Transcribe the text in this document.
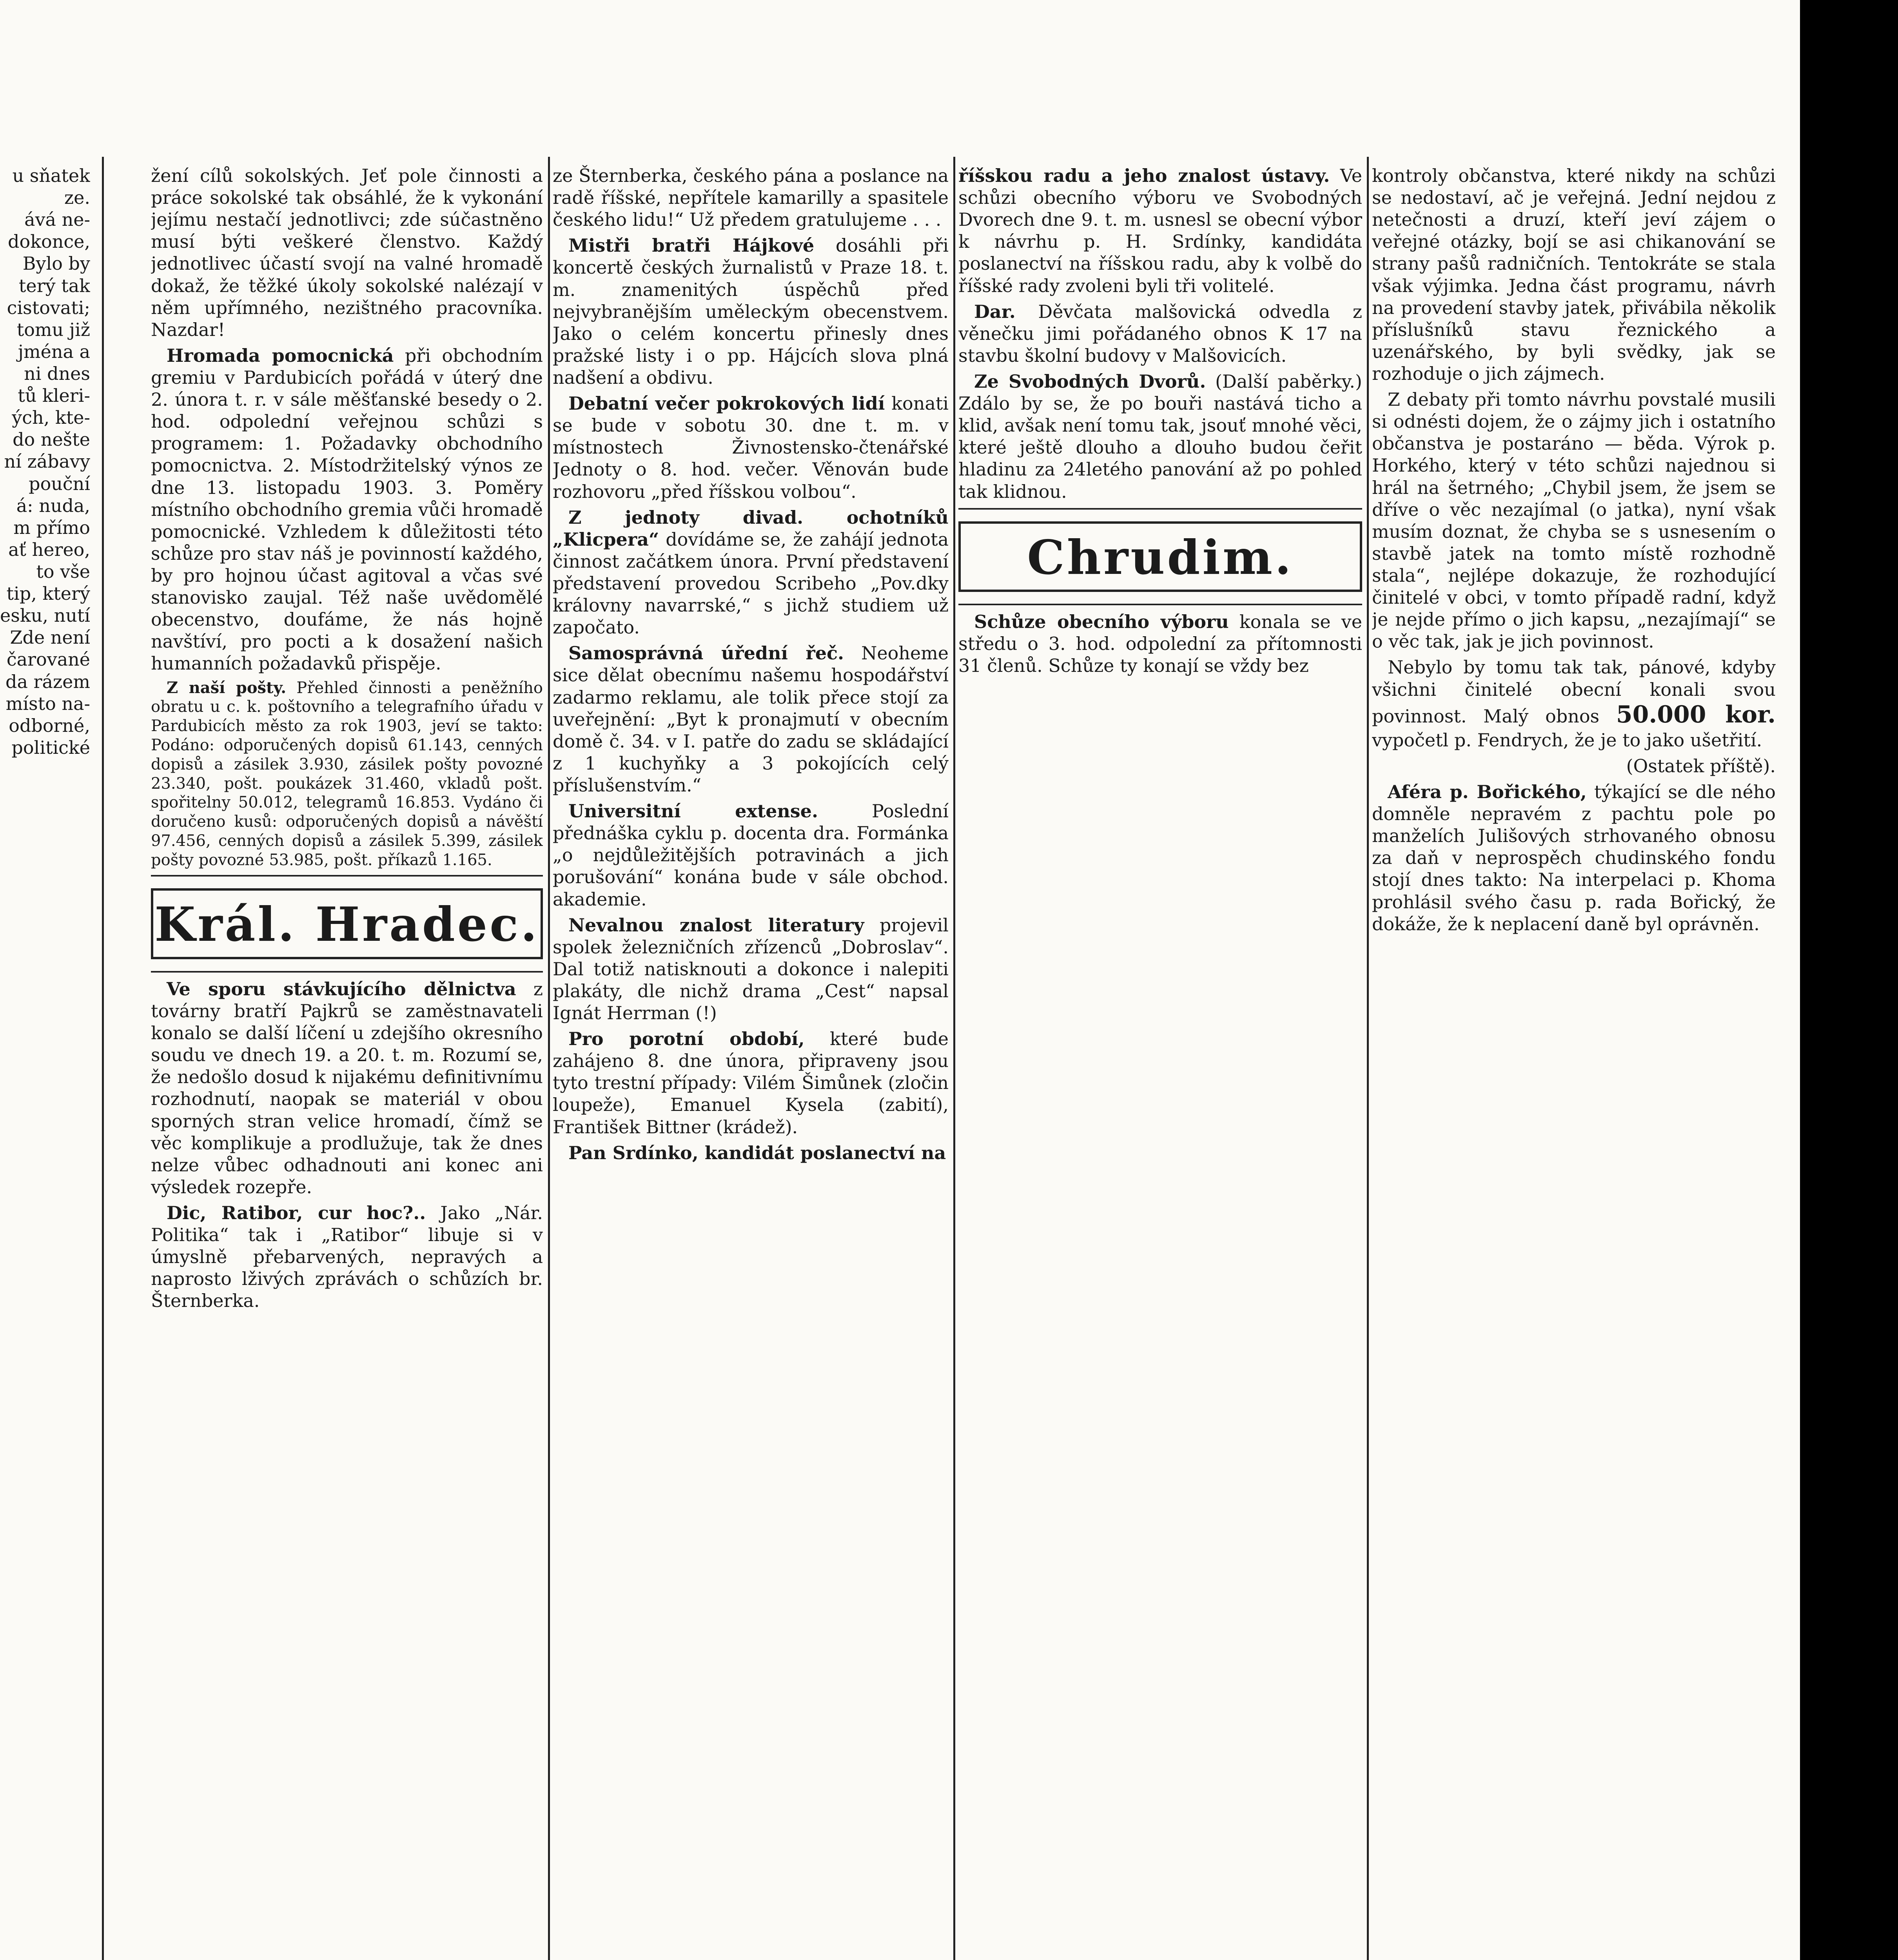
u sňatek
ze.
ává ne-
dokonce,
Bylo by
terý tak
cistovati;
tomu již
jména a
ni dnes
tů kleri-
ých, kte-
do nešte
ní zábavy
pouční
á: nuda,
m přímo
ať hereo,
to vše
tip, který
esku, nutí
Zde není
čarované
da rázem
místo na-
odborné,
politické

žení cílů sokolských. Jeť pole činnosti a práce sokolské tak obsáhlé, že k vykonání jejímu nestačí jednotlivci; zde súčastněno musí býti veškeré členstvo. Každý jednotlivec účastí svojí na valné hromadě dokaž, že těžké úkoly sokolské nalézají v něm upřímného, nezištného pracovníka. Nazdar!

Hromada pomocnická při obchodním gremiu v Pardubicích pořádá v úterý dne 2. února t. r. v sále měšťanské besedy o 2. hod. odpolední veřejnou schůzi s programem: 1. Požadavky obchodního pomocnictva. 2. Místodržitelský výnos ze dne 13. listopadu 1903. 3. Poměry místního obchodního gremia vůči hromadě pomocnické. Vzhledem k důležitosti této schůze pro stav náš je povinností každého, by pro hojnou účast agitoval a včas své stanovisko zaujal. Též naše uvědomělé obecenstvo, doufáme, že nás hojně navštíví, pro pocti a k dosažení našich humanních požadavků přispěje.

Z naší pošty. Přehled činnosti a peněžního obratu u c. k. poštovního a telegrafního úřadu v Pardubicích město za rok 1903, jeví se takto: Podáno: odporučených dopisů 61.143, cenných dopisů a zásilek 3.930, zásilek pošty povozné 23.340, pošt. poukázek 31.460, vkladů pošt. spořitelny 50.012, telegramů 16.853. Vydáno či doručeno kusů: odporučených dopisů a návěští 97.456, cenných dopisů a zásilek 5.399, zásilek pošty povozné 53.985, pošt. příkazů 1.165.

Král. Hradec.

Ve sporu stávkujícího dělnictva z továrny bratří Pajkrů se zaměstnavateli konalo se další líčení u zdejšího okresního soudu ve dnech 19. a 20. t. m. Rozumí se, že nedošlo dosud k nijakému definitivnímu rozhodnutí, naopak se materiál v obou sporných stran velice hromadí, čímž se věc komplikuje a prodlužuje, tak že dnes nelze vůbec odhadnouti ani konec ani výsledek rozepře.

Dic, Ratibor, cur hoc?.. Jako „Nár. Politika“ tak i „Ratibor“ libuje si v úmyslně přebarvených, nepravých a naprosto lživých zprávách o schůzích br. Šternberka.

ze Šternberka, českého pána a poslance na radě říšské, nepřítele kamarilly a spasitele českého lidu!“ Už předem gratulujeme . . .

Mistři bratři Hájkové dosáhli při koncertě českých žurnalistů v Praze 18. t. m. znamenitých úspěchů před nejvybranějším uměleckým obecenstvem. Jako o celém koncertu přinesly dnes pražské listy i o pp. Hájcích slova plná nadšení a obdivu.

Debatní večer pokrokových lidí konati se bude v sobotu 30. dne t. m. v místnostech Živnostensko-čtenářské Jednoty o 8. hod. večer. Věnován bude rozhovoru „před říšskou volbou“.

Z jednoty divad. ochotníků „Klicpera“ dovídáme se, že zahájí jednota činnost začátkem února. První představení představení provedou Scribeho „Pov.dky královny navarrské,“ s jichž studiem už započato.

Samosprávná úřední řeč. Neoheme sice dělat obecnímu našemu hospodářství zadarmo reklamu, ale tolik přece stojí za uveřejnění: „Byt k pronajmutí v obecním domě č. 34. v I. patře do zadu se skládající z 1 kuchyňky a 3 pokojících celý příslušenstvím.“

Universitní extense. Poslední přednáška cyklu p. docenta dra. Formánka „o nejdůležitějších potravinách a jich porušování“ konána bude v sále obchod. akademie.

Nevalnou znalost literatury projevil spolek železničních zřízenců „Dobroslav“. Dal totiž natisknouti a dokonce i nalepiti plakáty, dle nichž drama „Cest“ napsal Ignát Herrman (!)

Pro porotní období, které bude zahájeno 8. dne února, připraveny jsou tyto trestní případy: Vilém Šimůnek (zločin loupeže), Emanuel Kysela (zabití), František Bittner (krádež).

Pan Srdínko, kandidát poslanectví na

říšskou radu a jeho znalost ústavy. Ve schůzi obecního výboru ve Svobodných Dvorech dne 9. t. m. usnesl se obecní výbor k návrhu p. H. Srdínky, kandidáta poslanectví na říšskou radu, aby k volbě do říšské rady zvoleni byli tři volitelé.

Dar. Děvčata malšovická odvedla z věnečku jimi pořádaného obnos K 17 na stavbu školní budovy v Malšovicích.

Ze Svobodných Dvorů. (Další paběrky.) Zdálo by se, že po bouři nastává ticho a klid, avšak není tomu tak, jsouť mnohé věci, které ještě dlouho a dlouho budou čeřit hladinu za 24letého panování až po pohled tak klidnou.

Chrudim.

Schůze obecního výboru konala se ve středu o 3. hod. odpolední za přítomnosti 31 členů. Schůze ty konají se vždy bez

kontroly občanstva, které nikdy na schůzi se nedostaví, ač je veřejná. Jední nejdou z netečnosti a druzí, kteří jeví zájem o veřejné otázky, bojí se asi chikanování se strany pašů radničních. Tentokráte se stala však výjimka. Jedna část programu, návrh na provedení stavby jatek, přivábila několik příslušníků stavu řeznického a uzenářského, by byli svědky, jak se rozhoduje o jich zájmech.

Z debaty při tomto návrhu povstalé musili si odnésti dojem, že o zájmy jich i ostatního občanstva je postaráno — běda. Výrok p. Horkého, který v této schůzi najednou si hrál na šetrného; „Chybil jsem, že jsem se dříve o věc nezajímal (o jatka), nyní však musím doznat, že chyba se s usnesením o stavbě jatek na tomto místě rozhodně stala“, nejlépe dokazuje, že rozhodující činitelé v obci, v tomto případě radní, když je nejde přímo o jich kapsu, „nezajímají“ se o věc tak, jak je jich povinnost.

Nebylo by tomu tak tak, pánové, kdyby všichni činitelé obecní konali svou povinnost. Malý obnos 50.000 kor. vypočetl p. Fendrych, že je to jako ušetřití.

(Ostatek příště).

Aféra p. Bořického, týkající se dle ného domněle nepravém z pachtu pole po manželích Julišových strhovaného obnosu za daň v neprospěch chudinského fondu stojí dnes takto: Na interpelaci p. Khoma prohlásil svého času p. rada Bořický, že dokáže, že k neplacení daně byl oprávněn.
